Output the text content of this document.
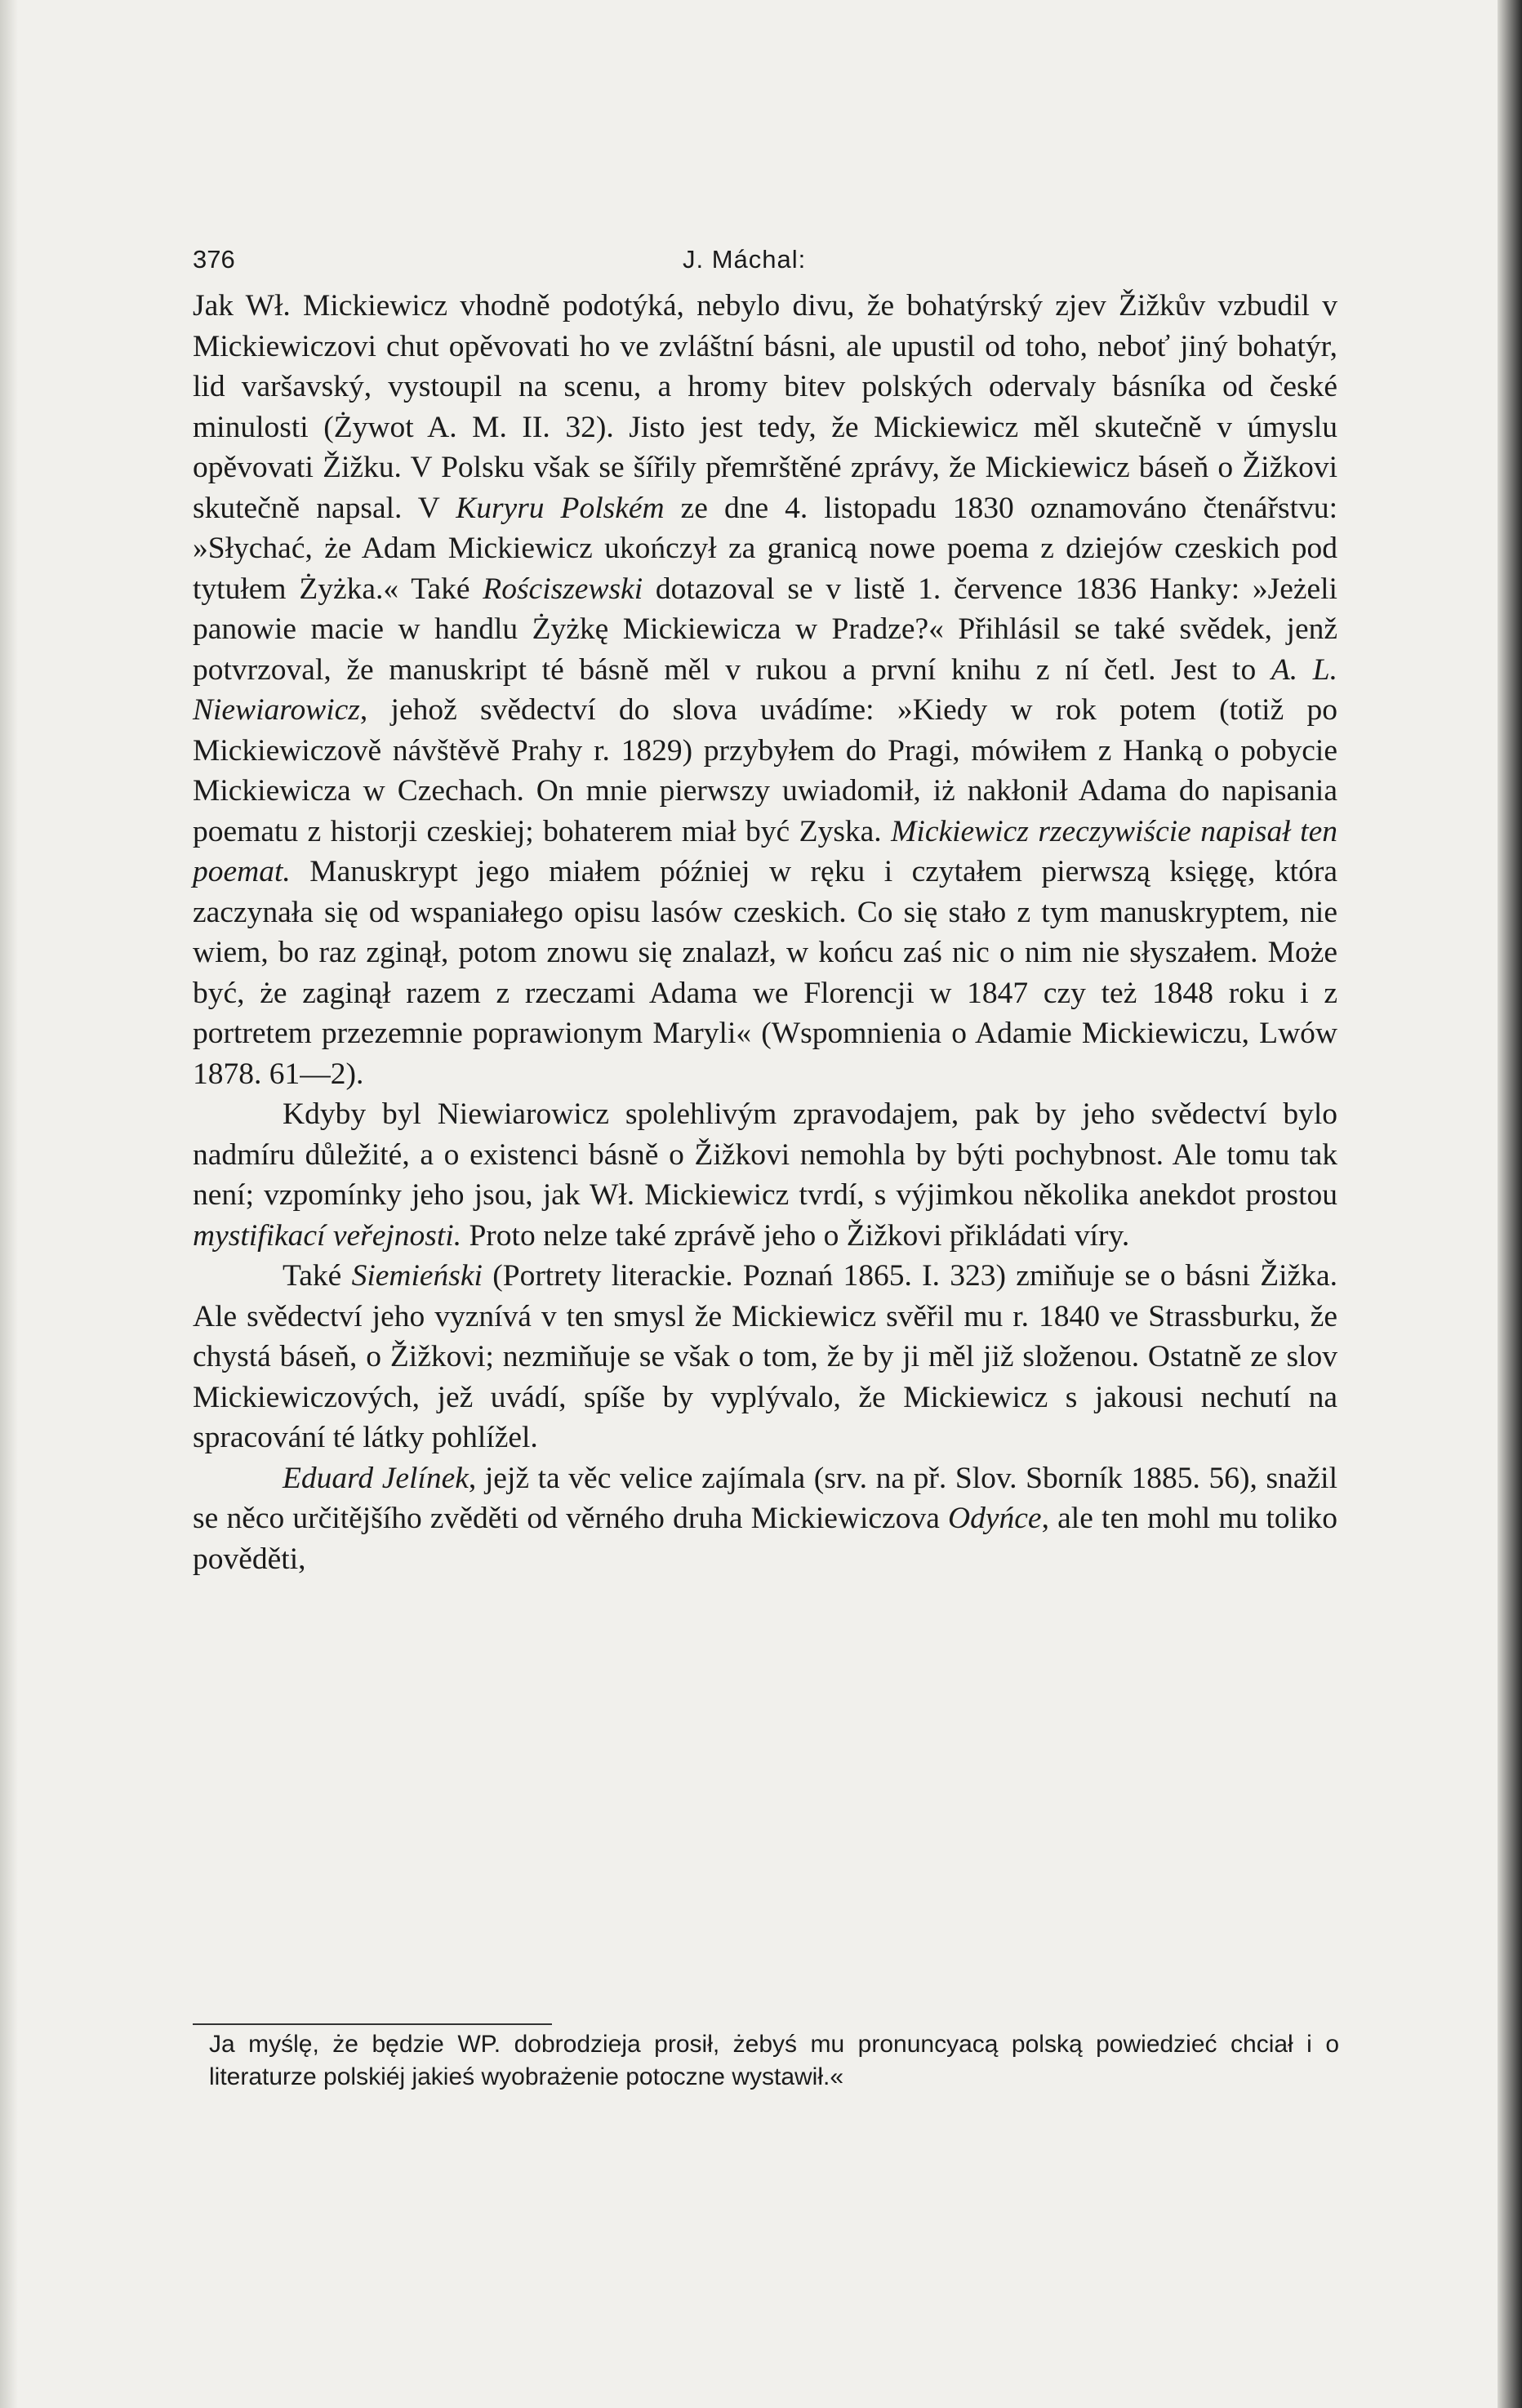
376	J. Máchal:

Jak Wł. Mickiewicz vhodně podotýká, nebylo divu, že bohatýrský zjev Žižkův vzbudil v Mickiewiczovi chut opěvovati ho ve zvláštní básni, ale upustil od toho, neboť jiný bohatýr, lid varšavský, vystoupil na scenu, a hromy bitev polských odervaly básníka od české minulosti (Żywot A. M. II. 32). Jisto jest tedy, že Mickiewicz měl skutečně v úmyslu opěvovati Žižku. V Polsku však se šířily přemrštěné zprávy, že Mickiewicz báseň o Žižkovi skutečně napsal. V Kuryru Polském ze dne 4. listopadu 1830 oznamováno čtenářstvu: »Słychać, że Adam Mickiewicz ukończył za granicą nowe poema z dziejów czeskich pod tytułem Żyżka.« Také Rościszewski dotazoval se v listě 1. července 1836 Hanky: »Jeżeli panowie macie w handlu Żyżkę Mickiewicza w Pradze?« Přihlásil se také svědek, jenž potvrzoval, že manuskript té básně měl v rukou a první knihu z ní četl. Jest to A. L. Niewiarowicz, jehož svědectví do slova uvádíme: »Kiedy w rok potem (totiž po Mickiewiczově návštěvě Prahy r. 1829) przybyłem do Pragi, mówiłem z Hanką o pobycie Mickiewicza w Czechach. On mnie pierwszy uwiadomił, iż nakłonił Adama do napisania poematu z historji czeskiej; bohaterem miał być Zyska. Mickiewicz rzeczywiście napisał ten poemat. Manuskrypt jego miałem później w ręku i czytałem pierwszą księgę, która zaczynała się od wspaniałego opisu lasów czeskich. Co się stało z tym manuskryptem, nie wiem, bo raz zginął, potom znowu się znalazł, w końcu zaś nic o nim nie słyszałem. Może być, że zaginął razem z rzeczami Adama we Florencji w 1847 czy też 1848 roku i z portretem przezemnie poprawionym Maryli« (Wspomnienia o Adamie Mickiewiczu, Lwów 1878. 61—2).

Kdyby byl Niewiarowicz spolehlivým zpravodajem, pak by jeho svědectví bylo nadmíru důležité, a o existenci básně o Žižkovi nemohla by býti pochybnost. Ale tomu tak není; vzpomínky jeho jsou, jak Wł. Mickiewicz tvrdí, s výjimkou několika anekdot prostou mystifikací veřejnosti. Proto nelze také zprávě jeho o Žižkovi přikládati víry.

Také Siemieński (Portrety literackie. Poznań 1865. I. 323) zmiňuje se o básni Žižka. Ale svědectví jeho vyznívá v ten smysl že Mickiewicz svěřil mu r. 1840 ve Strassburku, že chystá báseň, o Žižkovi; nezmiňuje se však o tom, že by ji měl již složenou. Ostatně ze slov Mickiewiczových, jež uvádí, spíše by vyplývalo, že Mickiewicz s jakousi nechutí na spracování té látky pohlížel.

Eduard Jelínek, jejž ta věc velice zajímala (srv. na př. Slov. Sborník 1885. 56), snažil se něco určitějšího zvěděti od věrného druha Mickiewiczova Odyńce, ale ten mohl mu toliko pověděti,

Ja myślę, że będzie WP. dobrodziejа prosił, żebyś mu pronuncyacą polską powiedzieć chciał i o literaturze polskiéj jakieś wyobrażenie potoczne wystawił.«
